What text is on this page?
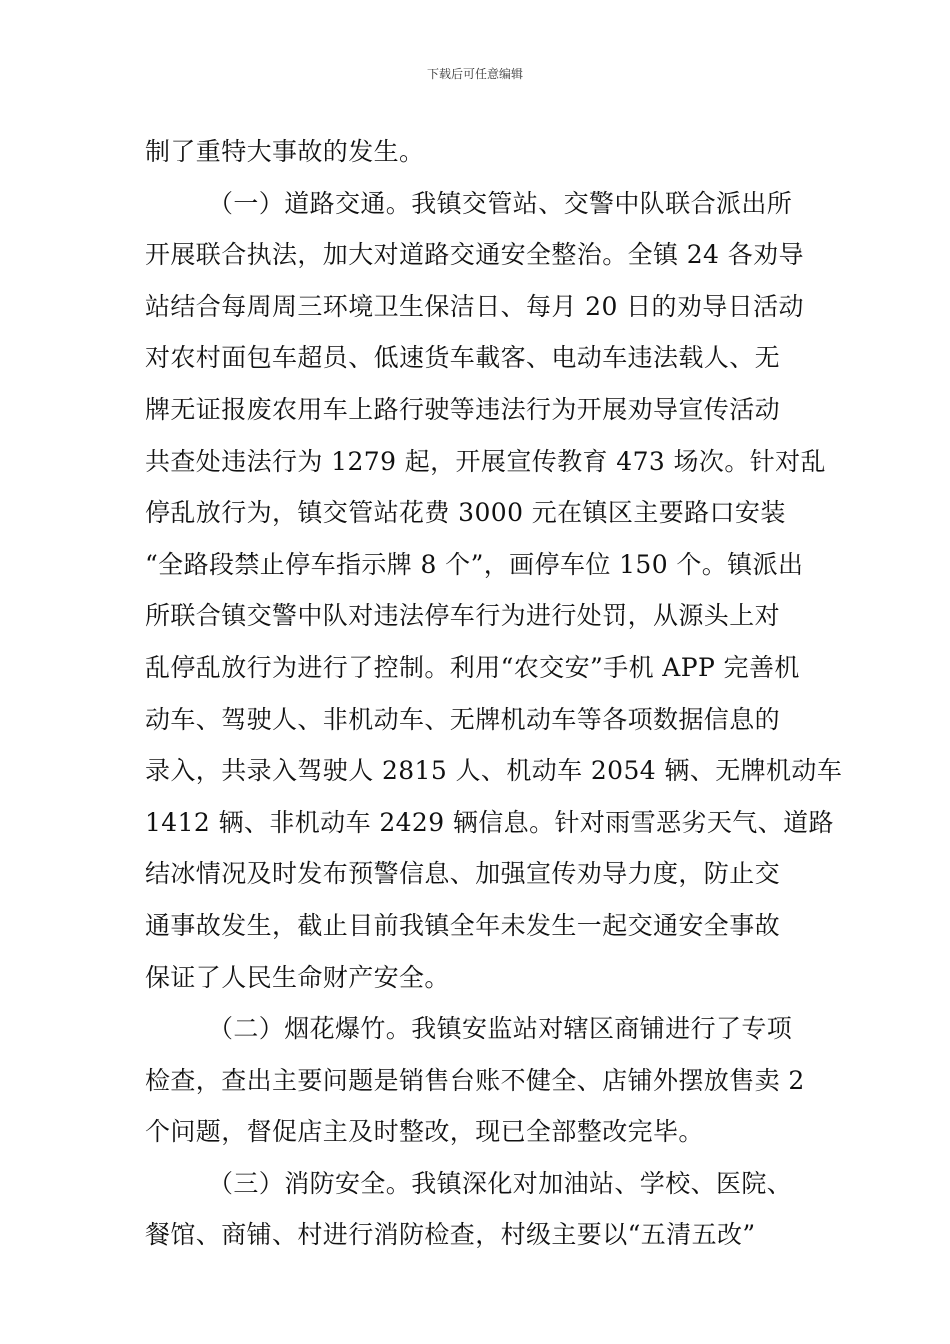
下载后可任意编辑
制了重特大事故的发生。
（一）道路交通。我镇交管站、交警中队联合派出所
开展联合执法，加大对道路交通安全整治。全镇 24 各劝导
站结合每周周三环境卫生保洁日、每月 20 日的劝导日活动
对农村面包车超员、低速货车載客、电动车违法载人、无
牌无证报废农用车上路行驶等违法行为开展劝导宣传活动
共查处违法行为 1279 起，开展宣传教育 473 场次。针对乱
停乱放行为，镇交管站花费 3000 元在镇区主要路口安装
“全路段禁止停车指示牌 8 个”，画停车位 150 个。镇派出
所联合镇交警中队对违法停车行为进行处罚，从源头上对
乱停乱放行为进行了控制。利用“农交安”手机 APP 完善机
动车、驾驶人、非机动车、无牌机动车等各项数据信息的
录入，共录入驾驶人 2815 人、机动车 2054 辆、无牌机动车
1412 辆、非机动车 2429 辆信息。针对雨雪恶劣天气、道路
结冰情况及时发布预警信息、加强宣传劝导力度，防止交
通事故发生，截止目前我镇全年未发生一起交通安全事故
保证了人民生命财产安全。
（二）烟花爆竹。我镇安监站对辖区商铺进行了专项
检查，查出主要问题是销售台账不健全、店铺外摆放售卖 2
个问题，督促店主及时整改，现已全部整改完毕。
（三）消防安全。我镇深化对加油站、学校、医院、
餐馆、商铺、村进行消防检查，村级主要以“五清五改”
